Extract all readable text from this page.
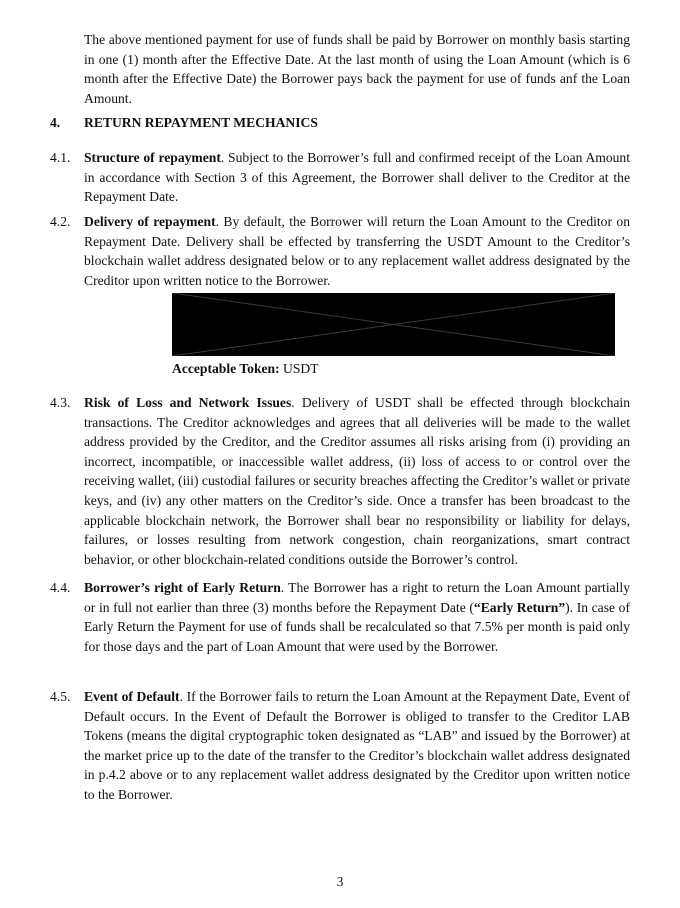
The above mentioned payment for use of funds shall be paid by Borrower on monthly basis starting in one (1) month after the Effective Date. At the last month of using the Loan Amount (which is 6 month after the Effective Date) the Borrower pays back the payment for use of funds anf the Loan Amount.

4. RETURN REPAYMENT MECHANICS

4.1. Structure of repayment. Subject to the Borrower’s full and confirmed receipt of the Loan Amount in accordance with Section 3 of this Agreement, the Borrower shall deliver to the Creditor at the Repayment Date.

4.2. Delivery of repayment. By default, the Borrower will return the Loan Amount to the Creditor on Repayment Date. Delivery shall be effected by transferring the USDT Amount to the Creditor’s blockchain wallet address designated below or to any replacement wallet address designated by the Creditor upon written notice to the Borrower.

Acceptable Token: USDT

4.3. Risk of Loss and Network Issues. Delivery of USDT shall be effected through blockchain transactions. The Creditor acknowledges and agrees that all deliveries will be made to the wallet address provided by the Creditor, and the Creditor assumes all risks arising from (i) providing an incorrect, incompatible, or inaccessible wallet address, (ii) loss of access to or control over the receiving wallet, (iii) custodial failures or security breaches affecting the Creditor’s wallet or private keys, and (iv) any other matters on the Creditor’s side. Once a transfer has been broadcast to the applicable blockchain network, the Borrower shall bear no responsibility or liability for delays, failures, or losses resulting from network congestion, chain reorganizations, smart contract behavior, or other blockchain-related conditions outside the Borrower’s control.

4.4. Borrower’s right of Early Return. The Borrower has a right to return the Loan Amount partially or in full not earlier than three (3) months before the Repayment Date (“Early Return”). In case of Early Return the Payment for use of funds shall be recalculated so that 7.5% per month is paid only for those days and the part of Loan Amount that were used by the Borrower.

4.5. Event of Default. If the Borrower fails to return the Loan Amount at the Repayment Date, Event of Default occurs. In the Event of Default the Borrower is obliged to transfer to the Creditor LAB Tokens (means the digital cryptographic token designated as “LAB” and issued by the Borrower) at the market price up to the date of the transfer to the Creditor’s blockchain wallet address designated in p.4.2 above or to any replacement wallet address designated by the Creditor upon written notice to the Borrower.

3
